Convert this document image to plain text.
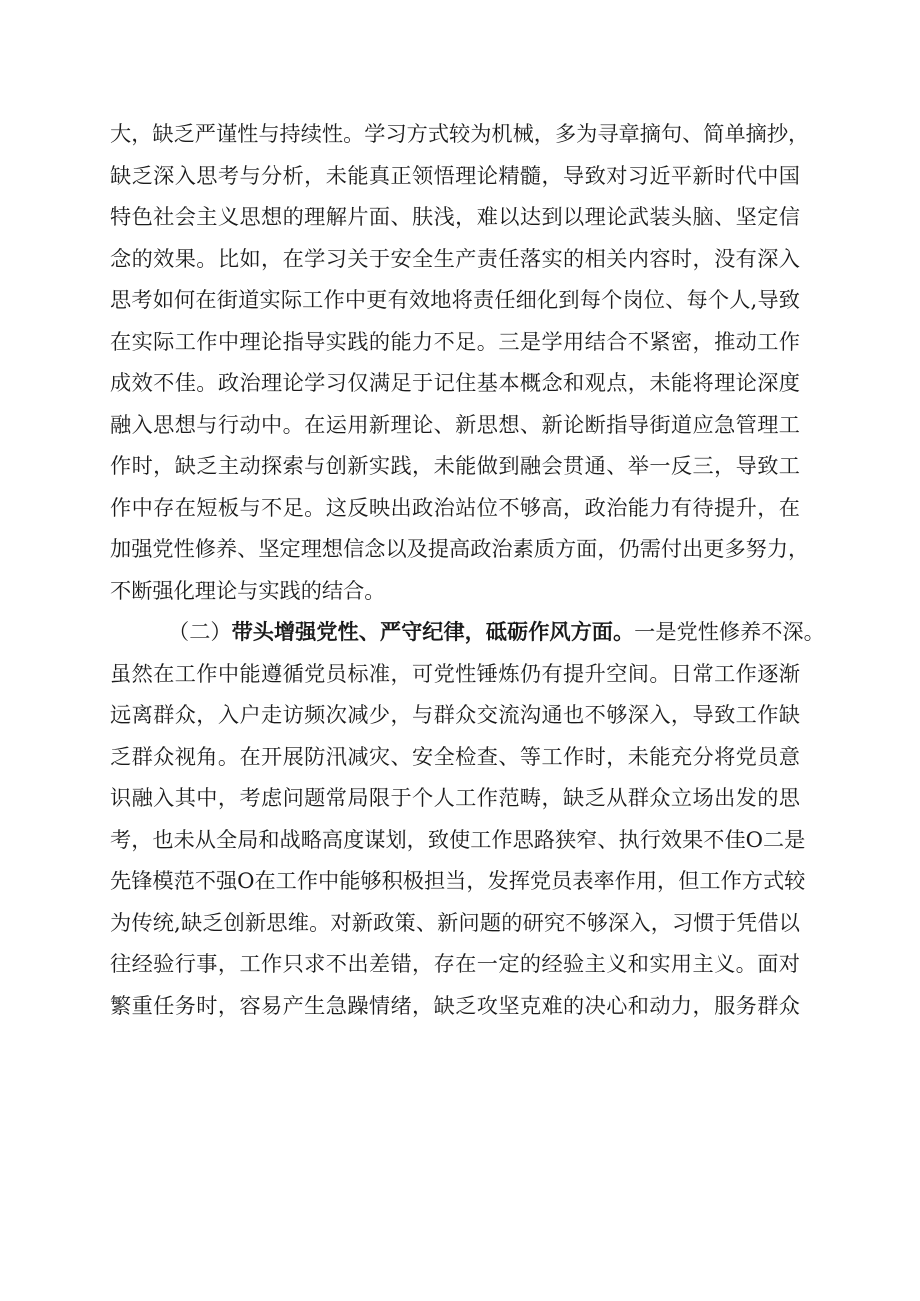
大，缺乏严谨性与持续性。学习方式较为机械，多为寻章摘句、简单摘抄，
缺乏深入思考与分析，未能真正领悟理论精髓，导致对习近平新时代中国
特色社会主义思想的理解片面、肤浅，难以达到以理论武装头脑、坚定信
念的效果。比如，在学习关于安全生产责任落实的相关内容时，没有深入
思考如何在街道实际工作中更有效地将责任细化到每个岗位、每个人,导致
在实际工作中理论指导实践的能力不足。三是学用结合不紧密，推动工作
成效不佳。政治理论学习仅满足于记住基本概念和观点，未能将理论深度
融入思想与行动中。在运用新理论、新思想、新论断指导街道应急管理工
作时，缺乏主动探索与创新实践，未能做到融会贯通、举一反三，导致工
作中存在短板与不足。这反映出政治站位不够高，政治能力有待提升，在
加强党性修养、坚定理想信念以及提高政治素质方面，仍需付出更多努力，
不断强化理论与实践的结合。
（二）带头增强党性、严守纪律，砥砺作风方面。一是党性修养不深。
虽然在工作中能遵循党员标准，可党性锤炼仍有提升空间。日常工作逐渐
远离群众，入户走访频次减少，与群众交流沟通也不够深入，导致工作缺
乏群众视角。在开展防汛减灾、安全检查、等工作时，未能充分将党员意
识融入其中，考虑问题常局限于个人工作范畴，缺乏从群众立场出发的思
考，也未从全局和战略高度谋划，致使工作思路狭窄、执行效果不佳O二是
先锋模范不强O在工作中能够积极担当，发挥党员表率作用，但工作方式较
为传统,缺乏创新思维。对新政策、新问题的研究不够深入，习惯于凭借以
往经验行事，工作只求不出差错，存在一定的经验主义和实用主义。面对
繁重任务时，容易产生急躁情绪，缺乏攻坚克难的决心和动力，服务群众
